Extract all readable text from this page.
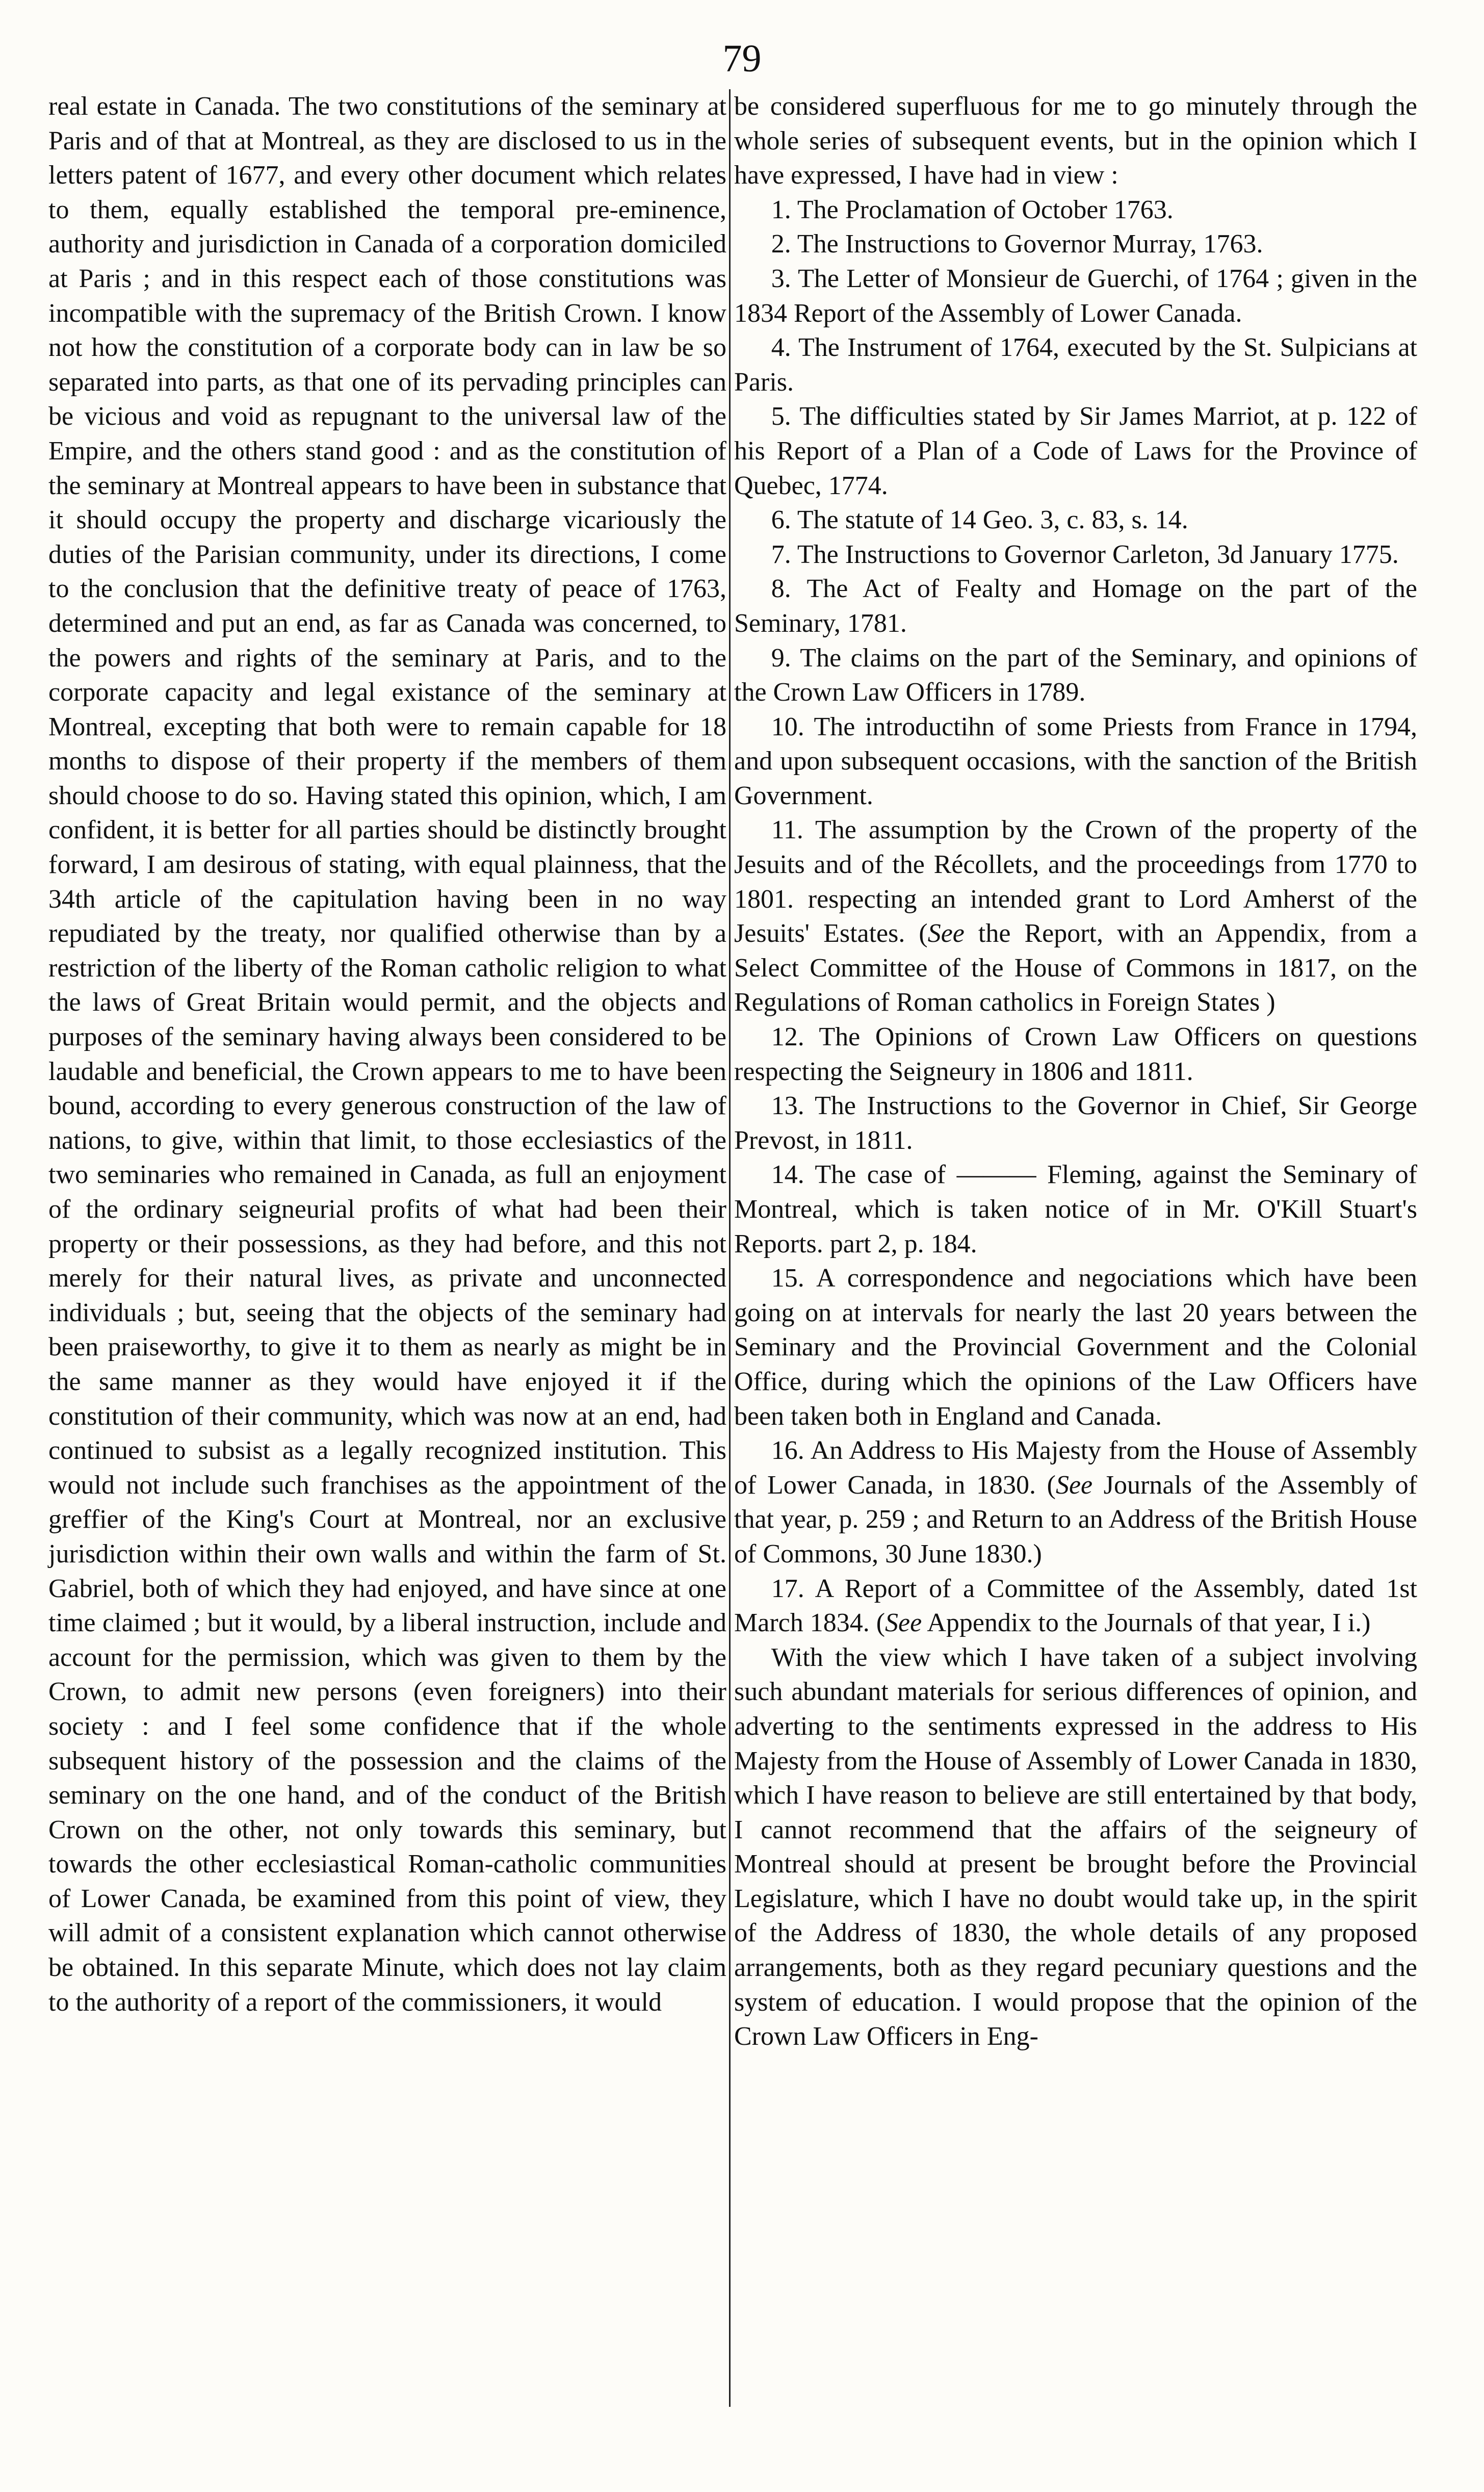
79

real estate in Canada. The two constitutions of the seminary at Paris and of that at Montreal, as they are disclosed to us in the letters patent of 1677, and every other document which relates to them, equally established the temporal pre-eminence, authority and jurisdiction in Canada of a corporation domiciled at Paris ; and in this respect each of those constitutions was incompatible with the supremacy of the British Crown. I know not how the constitution of a corporate body can in law be so separated into parts, as that one of its pervading principles can be vicious and void as repugnant to the universal law of the Empire, and the others stand good : and as the constitution of the seminary at Montreal appears to have been in substance that it should occupy the property and discharge vicariously the duties of the Parisian community, under its directions, I come to the conclusion that the definitive treaty of peace of 1763, determined and put an end, as far as Canada was concerned, to the powers and rights of the seminary at Paris, and to the corporate capacity and legal existance of the seminary at Montreal, excepting that both were to remain capable for 18 months to dispose of their property if the members of them should choose to do so. Having stated this opinion, which, I am confident, it is better for all parties should be distinctly brought forward, I am desirous of stating, with equal plainness, that the 34th article of the capitulation having been in no way repudiated by the treaty, nor qualified otherwise than by a restriction of the liberty of the Roman catholic religion to what the laws of Great Britain would permit, and the objects and purposes of the seminary having always been considered to be laudable and beneficial, the Crown appears to me to have been bound, according to every generous construction of the law of nations, to give, within that limit, to those ecclesiastics of the two seminaries who remained in Canada, as full an enjoyment of the ordinary seigneurial profits of what had been their property or their possessions, as they had before, and this not merely for their natural lives, as private and unconnected individuals ; but, seeing that the objects of the seminary had been praiseworthy, to give it to them as nearly as might be in the same manner as they would have enjoyed it if the constitution of their community, which was now at an end, had continued to subsist as a legally recognized institution. This would not include such franchises as the appointment of the greffier of the King's Court at Montreal, nor an exclusive jurisdiction within their own walls and within the farm of St. Gabriel, both of which they had enjoyed, and have since at one time claimed ; but it would, by a liberal instruction, include and account for the permission, which was given to them by the Crown, to admit new persons (even foreigners) into their society : and I feel some confidence that if the whole subsequent history of the possession and the claims of the seminary on the one hand, and of the conduct of the British Crown on the other, not only towards this seminary, but towards the other ecclesiastical Roman-catholic communities of Lower Canada, be examined from this point of view, they will admit of a consistent explanation which cannot otherwise be obtained. In this separate Minute, which does not lay claim to the authority of a report of the commissioners, it would

be considered superfluous for me to go minutely through the whole series of subsequent events, but in the opinion which I have expressed, I have had in view :

1. The Proclamation of October 1763.
2. The Instructions to Governor Murray, 1763.
3. The Letter of Monsieur de Guerchi, of 1764 ; given in the 1834 Report of the Assembly of Lower Canada.
4. The Instrument of 1764, executed by the St. Sulpicians at Paris.
5. The difficulties stated by Sir James Marriot, at p. 122 of his Report of a Plan of a Code of Laws for the Province of Quebec, 1774.
6. The statute of 14 Geo. 3, c. 83, s. 14.
7. The Instructions to Governor Carleton, 3d January 1775.
8. The Act of Fealty and Homage on the part of the Seminary, 1781.
9. The claims on the part of the Seminary, and opinions of the Crown Law Officers in 1789.
10. The introductihn of some Priests from France in 1794, and upon subsequent occasions, with the sanction of the British Government.
11. The assumption by the Crown of the property of the Jesuits and of the Récollets, and the proceedings from 1770 to 1801. respecting an intended grant to Lord Amherst of the Jesuits' Estates. (See the Report, with an Appendix, from a Select Committee of the House of Commons in 1817, on the Regulations of Roman catholics in Foreign States )
12. The Opinions of Crown Law Officers on questions respecting the Seigneury in 1806 and 1811.
13. The Instructions to the Governor in Chief, Sir George Prevost, in 1811.
14. The case of ——— Fleming, against the Seminary of Montreal, which is taken notice of in Mr. O'Kill Stuart's Reports. part 2, p. 184.
15. A correspondence and negociations which have been going on at intervals for nearly the last 20 years between the Seminary and the Provincial Government and the Colonial Office, during which the opinions of the Law Officers have been taken both in England and Canada.
16. An Address to His Majesty from the House of Assembly of Lower Canada, in 1830. (See Journals of the Assembly of that year, p. 259 ; and Return to an Address of the British House of Commons, 30 June 1830.)
17. A Report of a Committee of the Assembly, dated 1st March 1834. (See Appendix to the Journals of that year, I i.)

With the view which I have taken of a subject involving such abundant materials for serious differences of opinion, and adverting to the sentiments expressed in the address to His Majesty from the House of Assembly of Lower Canada in 1830, which I have reason to believe are still entertained by that body, I cannot recommend that the affairs of the seigneury of Montreal should at present be brought before the Provincial Legislature, which I have no doubt would take up, in the spirit of the Address of 1830, the whole details of any proposed arrangements, both as they regard pecuniary questions and the system of education. I would propose that the opinion of the Crown Law Officers in Eng-
